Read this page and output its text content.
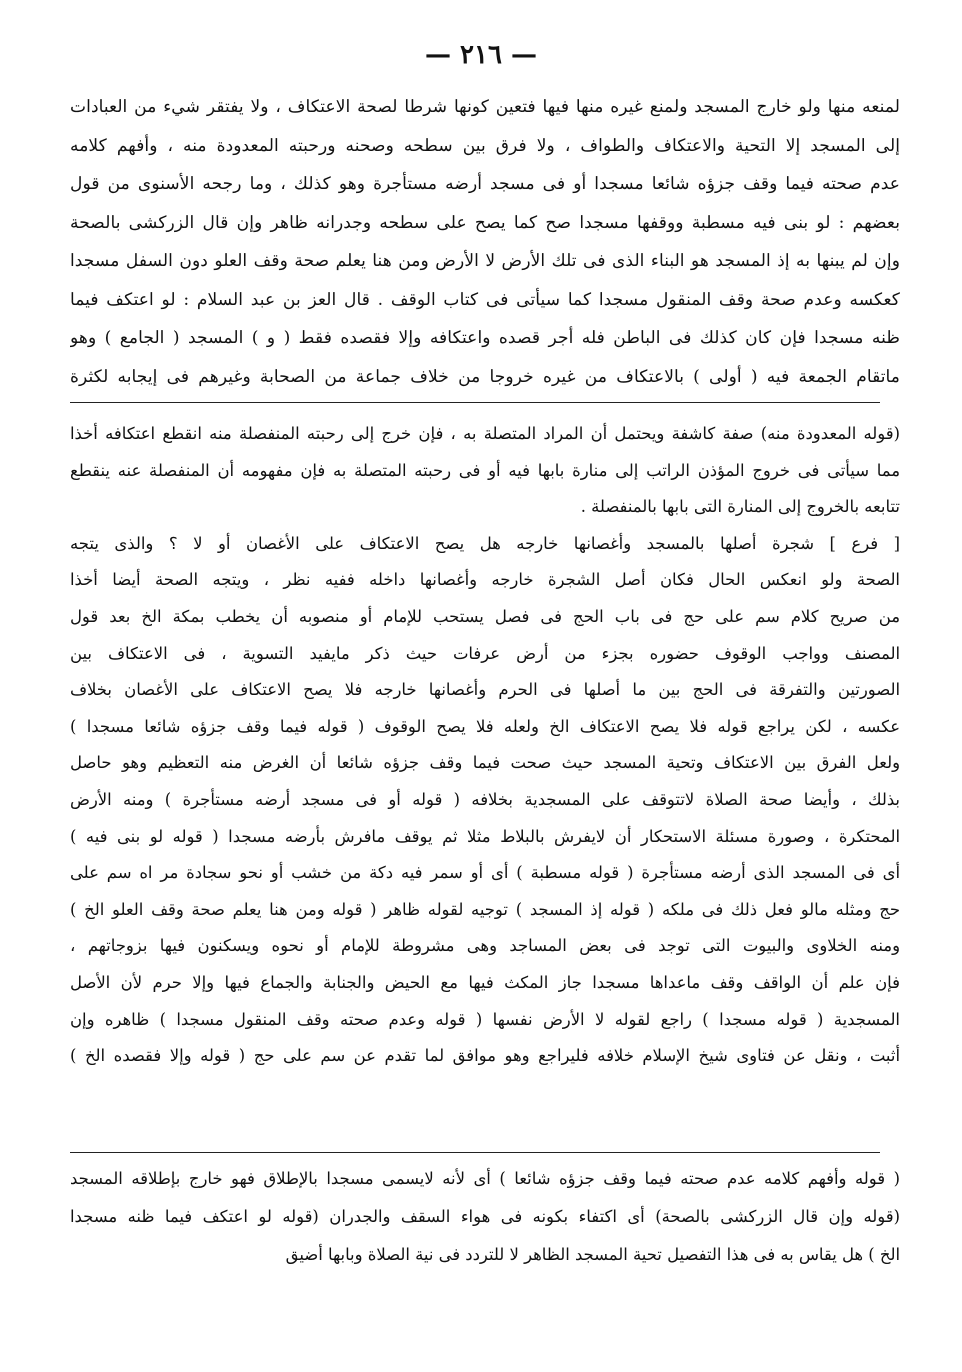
— ٢١٦ —
لمنعه منها ولو خارج المسجد ولمنع غيره منها فيها فتعين كونها شرطا لصحة الاعتكاف ، ولا يفتقر شيء من العبادات
إلى المسجد إلا التحية والاعتكاف والطواف ، ولا فرق بين سطحه وصحنه ورحبته المعدودة منه ، وأفهم كلامه
عدم صحته فيما وقف جزؤه شائعا مسجدا أو فى مسجد أرضه مستأجرة وهو كذلك ، وما رجحه الأسنوى من قول
بعضهم : لو بنى فيه مسطبة ووقفها مسجدا صح كما يصح على سطحه وجدرانه ظاهر وإن قال الزركشى بالصحة
وإن لم يبنها به إذ المسجد هو البناء الذى فى تلك الأرض لا الأرض ومن هنا يعلم صحة وقف العلو دون السفل مسجدا
كعكسه وعدم صحة وقف المنقول مسجدا كما سيأتى فى كتاب الوقف . قال العز بن عبد السلام : لو اعتكف فيما
ظنه مسجدا فإن كان كذلك فى الباطن فله أجر قصده واعتكافه وإلا فقصده فقط ( و ) المسجد ( الجامع ) وهو
ماتقام الجمعة فيه ( أولى ) بالاعتكاف من غيره خروجا من خلاف جماعة من الصحابة وغيرهم فى إيجابه لكثرة
(قوله المعدودة منه) صفة كاشفة ويحتمل أن المراد المتصلة به ، فإن خرج إلى رحبته المنفصلة منه انقطع اعتكافه أخذا
مما سيأتى فى خروج المؤذن الراتب إلى منارة بابها فيه أو فى رحبته المتصلة به فإن مفهومه أن المنفصلة عنه ينقطع
تتابعه بالخروج إلى المنارة التى بابها بالمنفصلة .
[ فرع ] شجرة أصلها بالمسجد وأغصانها خارجه هل يصح الاعتكاف على الأغصان أو لا ؟ والذى يتجه
الصحة ولو انعكس الحال فكان أصل الشجرة خارجه وأغصانها داخله ففيه نظر ، ويتجه الصحة أيضا أخذا
من صريح كلام سم على حج فى باب الحج فى فصل يستحب للإمام أو منصوبه أن يخطب بمكة الخ بعد قول
المصنف وواجب الوقوف حضوره بجزء من أرض عرفات حيث ذكر مايفيد التسوية ، فى الاعتكاف بين
الصورتين والتفرقة فى الحج بين ما أصلها فى الحرم وأغصانها خارجه فلا يصح الاعتكاف على الأغصان بخلاف
عكسه ، لكن يراجع قوله فلا يصح الاعتكاف الخ ولعله فلا يصح الوقوف ( قوله فيما وقف جزؤه شائعا مسجدا )
ولعل الفرق بين الاعتكاف وتحية المسجد حيث صحت فيما وقف جزؤه شائعا أن الغرض منه التعظيم وهو حاصل
بذلك ، وأيضا صحة الصلاة لاتتوقف على المسجدية بخلافه ( قوله أو فى مسجد أرضه مستأجرة ) ومنه الأرض
المحتكرة ، وصورة مسئلة الاستحكار أن لايفرش بالبلاط مثلا ثم يوقف مافرش بأرضه مسجدا ( قوله لو بنى فيه )
أى فى المسجد الذى أرضه مستأجرة ( قوله مسطبة ) أى أو سمر فيه دكة من خشب أو نحو سجادة مر اه سم على
حج ومثله مالو فعل ذلك فى ملكه ( قوله إذ المسجد ) توجيه لقوله ظاهر ( قوله ومن هنا يعلم صحة وقف العلو الخ )
ومنه الخلاوى والبيوت التى توجد فى بعض المساجد وهى مشروطة للإمام أو نحوه ويسكنون فيها بزوجاتهم ،
فإن علم أن الواقف وقف ماعداها مسجدا جاز المكث فيها مع الحيض والجنابة والجماع فيها وإلا حرم لأن الأصل
المسجدية ( قوله مسجدا ) راجع لقوله لا الأرض نفسها ( قوله وعدم صحته وقف المنقول مسجدا ) ظاهره وإن
أثبت ، ونقل عن فتاوى شيخ الإسلام خلافه فليراجع وهو موافق لما تقدم عن سم على حج ( قوله وإلا فقصده الخ )
( قوله وأفهم كلامه عدم صحته فيما وقف جزؤه شائعا ) أى لأنه لايسمى مسجدا بالإطلاق فهو خارج بإطلاقه المسجد
(قوله وإن قال الزركشى بالصحة) أى اكتفاء بكونه فى هواء السقف والجدران (قوله لو اعتكف فيما ظنه مسجدا
الخ ) هل يقاس به فى هذا التفصيل تحية المسجد الظاهر لا للتردد فى نية الصلاة وبابها أضيق
